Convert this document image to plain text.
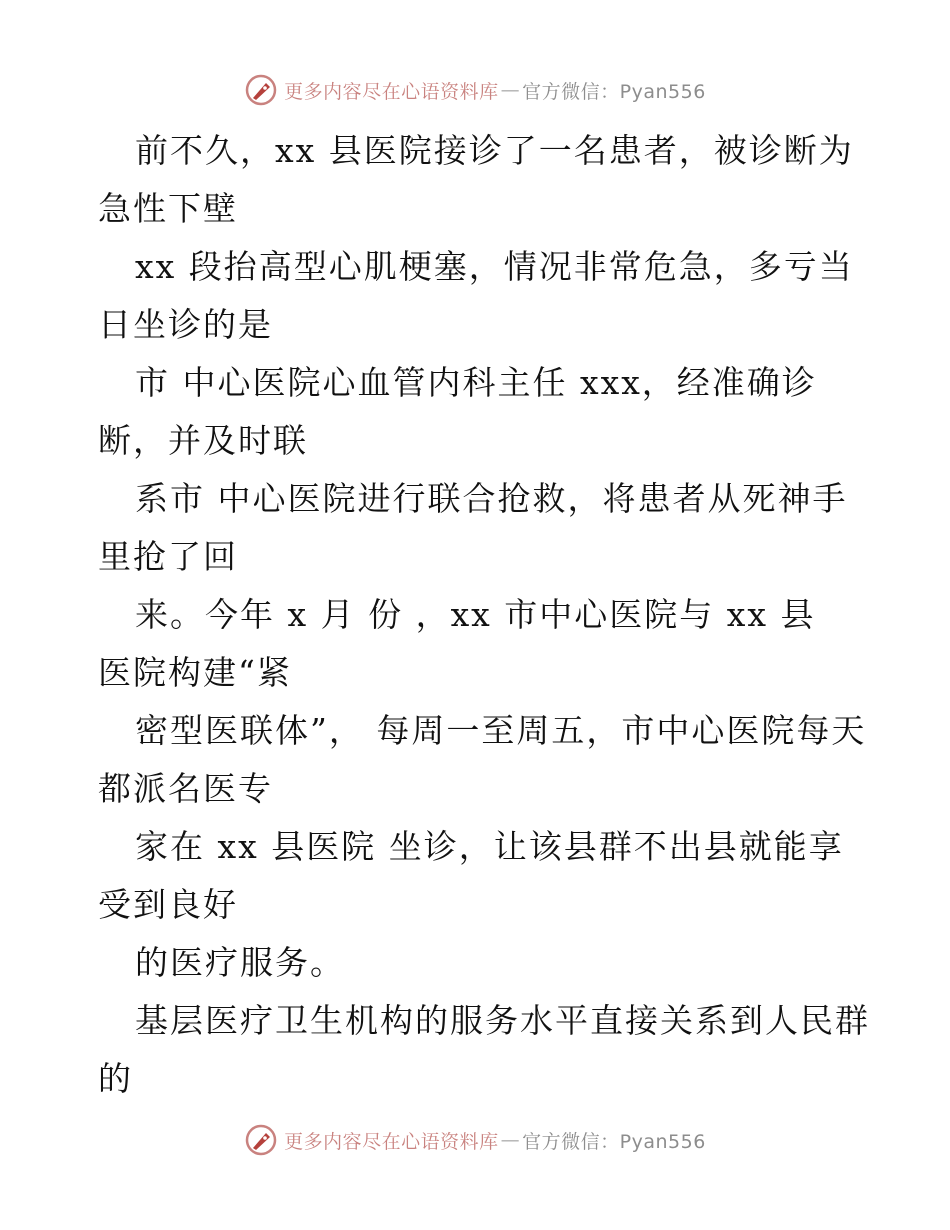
更多内容尽在心语资料库 — 官方微信：Pyan556
前不久，xx 县医院接诊了一名患者，被诊断为
急性下壁
xx 段抬高型心肌梗塞，情况非常危急，多亏当
日坐诊的是
市 中心医院心血管内科主任 xxx，经准确诊
断，并及时联
系市 中心医院进行联合抢救，将患者从死神手
里抢了回
来。今年 x 月 份 ，xx 市中心医院与 xx 县
医院构建“紧
密型医联体”， 每周一至周五，市中心医院每天
都派名医专
家在 xx 县医院 坐诊，让该县群不出县就能享
受到良好
的医疗服务。
基层医疗卫生机构的服务水平直接关系到人民群
的
更多内容尽在心语资料库 — 官方微信：Pyan556
